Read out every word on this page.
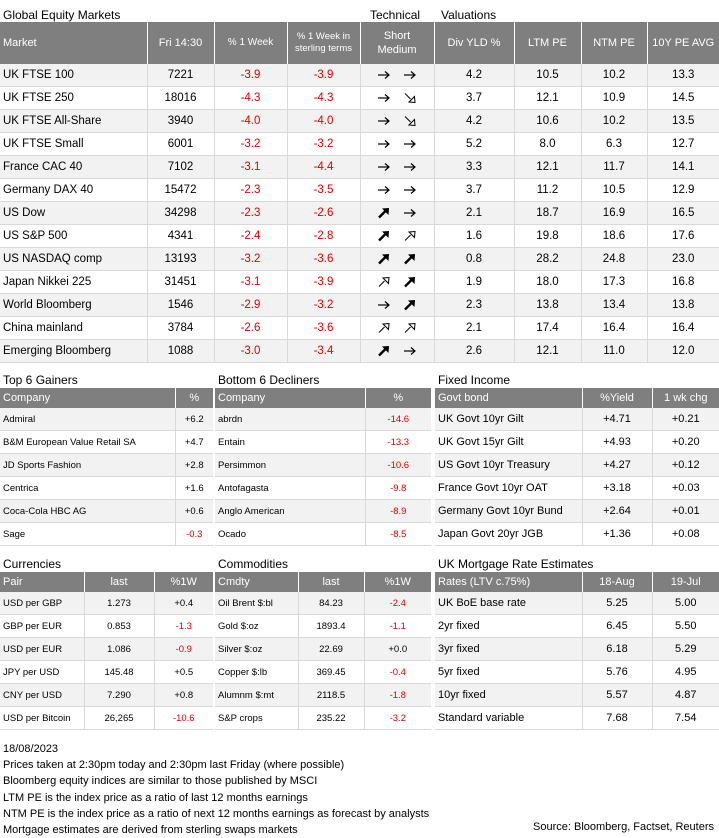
Global Equity Markets	Technical Valuations
Market	Fri 14:30	% 1 Week	% 1 Week in sterling terms	Short Medium	Div YLD %	LTM PE	NTM PE	10Y PE AVG
UK FTSE 100	7221	-3.9	-3.9		4.2	10.5	10.2	13.3
UK FTSE 250	18016	-4.3	-4.3		3.7	12.1	10.9	14.5
UK FTSE All-Share	3940	-4.0	-4.0		4.2	10.6	10.2	13.5
UK FTSE Small	6001	-3.2	-3.2		5.2	8.0	6.3	12.7
France CAC 40	7102	-3.1	-4.4		3.3	12.1	11.7	14.1
Germany DAX 40	15472	-2.3	-3.5		3.7	11.2	10.5	12.9
US Dow	34298	-2.3	-2.6		2.1	18.7	16.9	16.5
US S&P 500	4341	-2.4	-2.8		1.6	19.8	18.6	17.6
US NASDAQ comp	13193	-3.2	-3.6		0.8	28.2	24.8	23.0
Japan Nikkei 225	31451	-3.1	-3.9		1.9	18.0	17.3	16.8
World Bloomberg	1546	-2.9	-3.2		2.3	13.8	13.4	13.8
China mainland	3784	-2.6	-3.6		2.1	17.4	16.4	16.4
Emerging Bloomberg	1088	-3.0	-3.4		2.6	12.1	11.0	12.0
Top 6 Gainers
Company	%
Admiral	+6.2
B&M European Value Retail SA	+4.7
JD Sports Fashion	+2.8
Centrica	+1.6
Coca-Cola HBC AG	+0.6
Sage	-0.3
Bottom 6 Decliners
Company	%
abrdn	-14.6
Entain	-13.3
Persimmon	-10.6
Antofagasta	-9.8
Anglo American	-8.9
Ocado	-8.5
Fixed Income
Govt bond	%Yield	1 wk chg
UK Govt 10yr Gilt	+4.71	+0.21
UK Govt 15yr Gilt	+4.93	+0.20
US Govt 10yr Treasury	+4.27	+0.12
France Govt 10yr OAT	+3.18	+0.03
Germany Govt 10yr Bund	+2.64	+0.01
Japan Govt 20yr JGB	+1.36	+0.08
Currencies
Pair	last	%1W
USD per GBP	1.273	+0.4
GBP per EUR	0.853	-1.3
USD per EUR	1.086	-0.9
JPY per USD	145.48	+0.5
CNY per USD	7.290	+0.8
USD per Bitcoin	26,265	-10.6
Commodities
Cmdty	last	%1W
Oil Brent $:bl	84.23	-2.4
Gold $:oz	1893.4	-1.1
Silver $:oz	22.69	+0.0
Copper $:lb	369.45	-0.4
Alumnm $:mt	2118.5	-1.8
S&P crops	235.22	-3.2
UK Mortgage Rate Estimates
Rates (LTV c.75%)	18-Aug	19-Jul
UK BoE base rate	5.25	5.00
2yr fixed	6.45	5.50
3yr fixed	6.18	5.29
5yr fixed	5.76	4.95
10yr fixed	5.57	4.87
Standard variable	7.68	7.54
18/08/2023
Prices taken at 2:30pm today and 2:30pm last Friday (where possible)
Bloomberg equity indices are similar to those published by MSCI
LTM PE is the index price as a ratio of last 12 months earnings
NTM PE is the index price as a ratio of next 12 months earnings as forecast by analysts
Mortgage estimates are derived from sterling swaps markets	Source: Bloomberg, Factset, Reuters
